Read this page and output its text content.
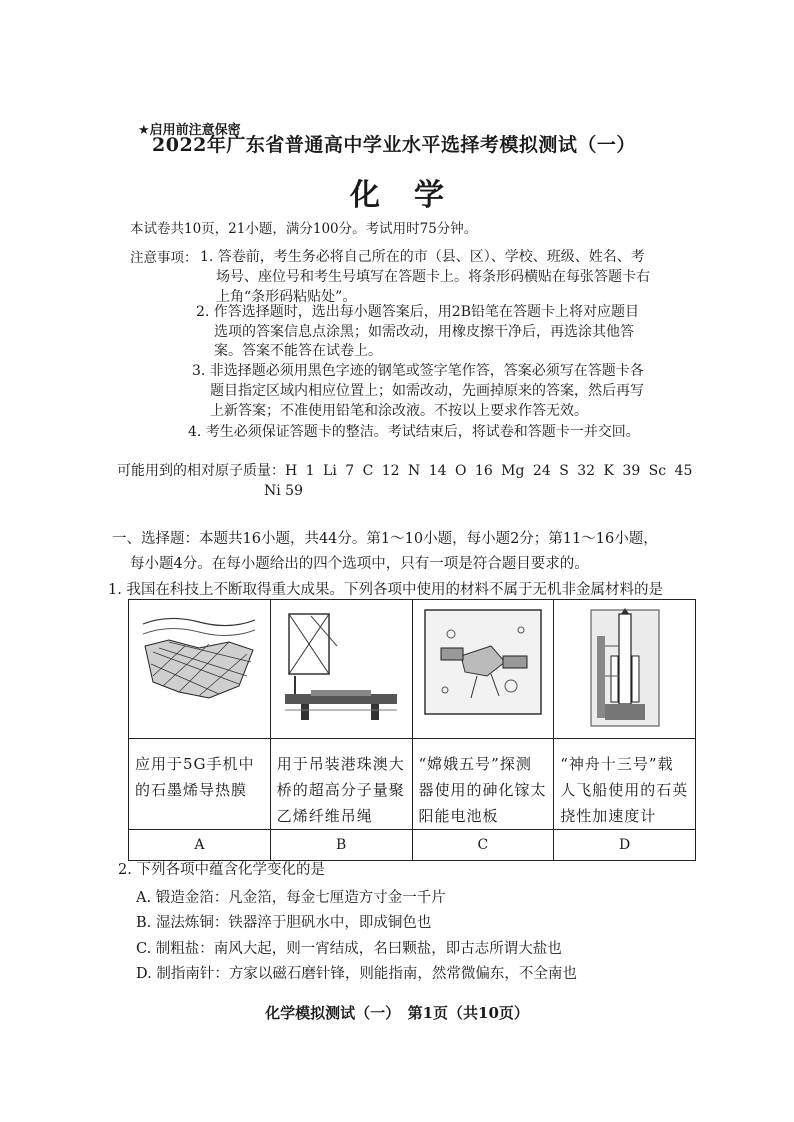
★启用前注意保密
2022年广东省普通高中学业水平选择考模拟测试（一）
化学
本试卷共10页，21小题，满分100分。考试用时75分钟。
注意事项： 1. 答卷前，考生务必将自己所在的市（县、区）、学校、班级、姓名、考
场号、座位号和考生号填写在答题卡上。将条形码横贴在每张答题卡右
上角“条形码粘贴处”。
2. 作答选择题时，选出每小题答案后，用2B铅笔在答题卡上将对应题目
选项的答案信息点涂黑；如需改动，用橡皮擦干净后，再选涂其他答
案。答案不能答在试卷上。
3. 非选择题必须用黑色字迹的钢笔或签字笔作答，答案必须写在答题卡各
题目指定区域内相应位置上；如需改动，先画掉原来的答案，然后再写
上新答案；不准使用铅笔和涂改液。不按以上要求作答无效。
4. 考生必须保证答题卡的整洁。考试结束后，将试卷和答题卡一并交回。
可能用到的相对原子质量：H 1 Li 7 C 12 N 14 O 16 Mg 24 S 32 K 39 Sc 45
Ni 59
一、选择题：本题共16小题，共44分。第1～10小题，每小题2分；第11～16小题，
每小题4分。在每小题给出的四个选项中，只有一项是符合题目要求的。
1. 我国在科技上不断取得重大成果。下列各项中使用的材料不属于无机非金属材料的是

应用于5G手机中的石墨烯导热膜	用于吊装港珠澳大桥的超高分子量聚乙烯纤维吊绳	“嫦娥五号”探测器使用的砷化镓太阳能电池板	“神舟十三号”载人飞船使用的石英挠性加速度计
A	B	C	D
2. 下列各项中蕴含化学变化的是
A. 锻造金箔：凡金箔，每金七厘造方寸金一千片
B. 湿法炼铜：铁器淬于胆矾水中，即成铜色也
C. 制粗盐：南风大起，则一宵结成，名曰颗盐，即古志所谓大盐也
D. 制指南针：方家以磁石磨针锋，则能指南，然常微偏东，不全南也
化学模拟测试（一）　第1页（共10页）
